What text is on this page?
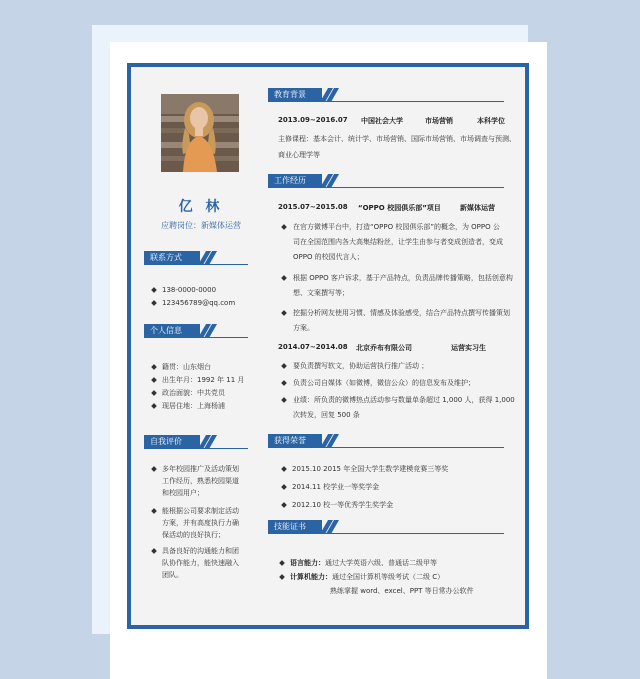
亿 林
应聘岗位：新媒体运营
联系方式
138-0000-0000
123456789@qq.com
个人信息
籍贯：山东烟台
出生年月：1992 年 11 月
政治面貌：中共党员
现居住地：上海杨浦
自我评价
多年校园推广及活动策划
工作经历，熟悉校园渠道
和校园用户；
能根据公司要求制定活动
方案，并有高度执行力确
保活动的良好执行；
具备良好的沟通能力和团
队协作能力，能快速融入
团队。
教育背景
2013.09~2016.07 中国社会大学	市场营销	本科学位
主修课程：基本会计、统计学、市场营销、国际市场营销、市场调查与预测、
商业心理学等
工作经历
2015.07~2015.08 “OPPO 校园俱乐部”项目	新媒体运营
在官方微博平台中，打造“OPPO 校园俱乐部”的概念，为 OPPO 公
司在全国范围内各大高集结粉丝，让学生由参与者变成创造者，变成
OPPO 的校园代言人；
根据 OPPO 客户诉求，基于产品特点，负责品牌传播策略，包括创意构
想、文案撰写等；
挖掘分析网友使用习惯、情感及体验感受，结合产品特点撰写传播策划
方案。
2014.07~2014.08 北京乔布有限公司	运营实习生
要负责撰写软文，协助运营执行推广活动 ；
负责公司自媒体（如微博，微信公众）的信息发布及维护；
业绩：所负责的微博热点活动参与数量单条超过 1,000 人，获得 1,000
次转发，回复 500 条
获得荣誉
2015.10 2015 年全国大学生数学建模竞赛三等奖
2014.11 校学业一等奖学金
2012.10 校一等优秀学生奖学金
技能证书
语言能力：通过大学英语六级、普通话二级甲等
计算机能力：通过全国计算机等级考试（二级 C）
熟练掌握 word、excel、PPT 等日常办公软件
